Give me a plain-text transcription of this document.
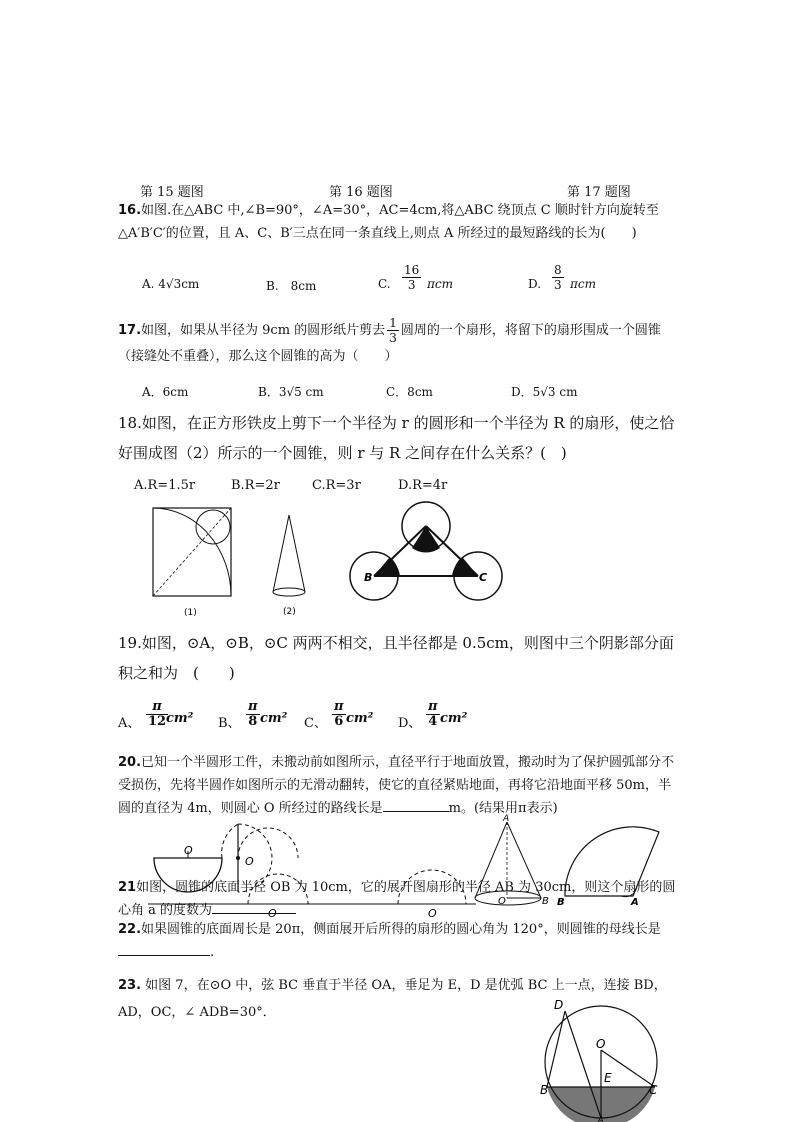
第 15 题图	第 16 题图	第 17 题图
16.如图.在△ABC 中,∠B=90°，∠A=30°，AC=4cm,将△ABC 绕顶点 C 顺时针方向旋转至△A′B′C′的位置，且 A、C、B′三点在同一条直线上,则点 A 所经过的最短路线的长为(　　)
A. 4√3cm	B.　8cm	C. $\frac{16}{3}$ πcm	D. $\frac{8}{3}$ πcm
17.如图，如果从半径为 9cm 的圆形纸片剪去 $\frac{1}{3}$ 圆周的一个扇形，将留下的扇形围成一个圆锥（接缝处不重叠），那么这个圆锥的高为（　　）
A．6cm	B．3√5 cm	C．8cm	D．5√3 cm
18.如图，在正方形铁皮上剪下一个半径为 r 的圆形和一个半径为 R 的扇形，使之恰好围成图（2）所示的一个圆锥，则 r 与 R 之间存在什么关系？(　)
A.R=1.5r	B.R=2r C.R=3r	D.R=4r
(1)	(2)
A
B	C
19.如图，⊙A，⊙B，⊙C 两两不相交，且半径都是 0.5cm，则图中三个阴影部分面积之和为　(　　)
A、 $\frac{\pi}{12}$
cm² B、 $\frac{\pi}{8} cm^2$ C、 $\frac{\pi}{6} cm^2$ D、 $\frac{\pi}{4} cm^2$
20.已知一个半圆形工件，未搬动前如图所示，直径平行于地面放置，搬动时为了保护圆弧部分不受损伤，先将半圆作如图所示的无滑动翻转，使它的直径紧贴地面，再将它沿地面平移 50m，半圆的直径为 4m，则圆心 O 所经过的路线长是	m。(结果用π表示)
O
O
O	O
A
O	B B	A
21如图，圆锥的底面半径 OB 为 10cm，它的展开图扇形的半径 AB 为 30cm，则这个扇形的圆心角 a 的度数为
22.如果圆锥的底面周长是 20π，侧面展开后所得的扇形的圆心角为 120°，则圆锥的母线长是.
23. 如图 7，在⊙O 中，弦 BC 垂直于半径 OA，垂足为 E，D 是优弧 BC 上一点，连接 BD，AD，OC，∠ ADB=30°．	D
O
E
B	C
A
